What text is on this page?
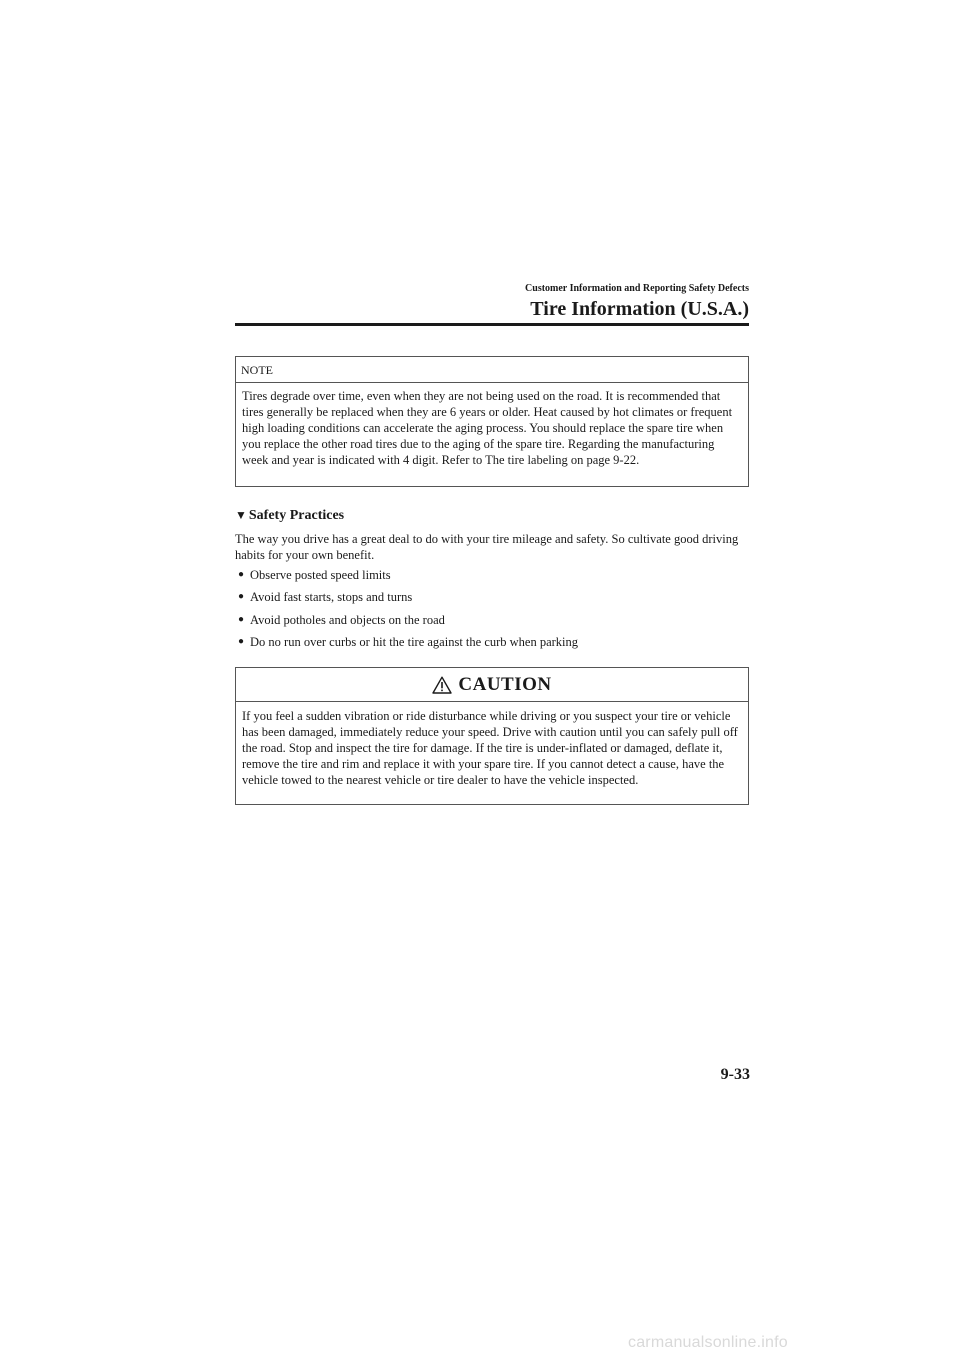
Customer Information and Reporting Safety Defects
Tire Information (U.S.A.)
NOTE
Tires degrade over time, even when they are not being used on the road. It is recommended that tires generally be replaced when they are 6 years or older. Heat caused by hot climates or frequent high loading conditions can accelerate the aging process. You should replace the spare tire when you replace the other road tires due to the aging of the spare tire. Regarding the manufacturing week and year is indicated with 4 digit. Refer to The tire labeling on page 9-22.
▼ Safety Practices
The way you drive has a great deal to do with your tire mileage and safety. So cultivate good driving habits for your own benefit.
● Observe posted speed limits
● Avoid fast starts, stops and turns
● Avoid potholes and objects on the road
● Do no run over curbs or hit the tire against the curb when parking
CAUTION
If you feel a sudden vibration or ride disturbance while driving or you suspect your tire or vehicle has been damaged, immediately reduce your speed. Drive with caution until you can safely pull off the road. Stop and inspect the tire for damage. If the tire is under-inflated or damaged, deflate it, remove the tire and rim and replace it with your spare tire. If you cannot detect a cause, have the vehicle towed to the nearest vehicle or tire dealer to have the vehicle inspected.
9-33
carmanualsonline.info
